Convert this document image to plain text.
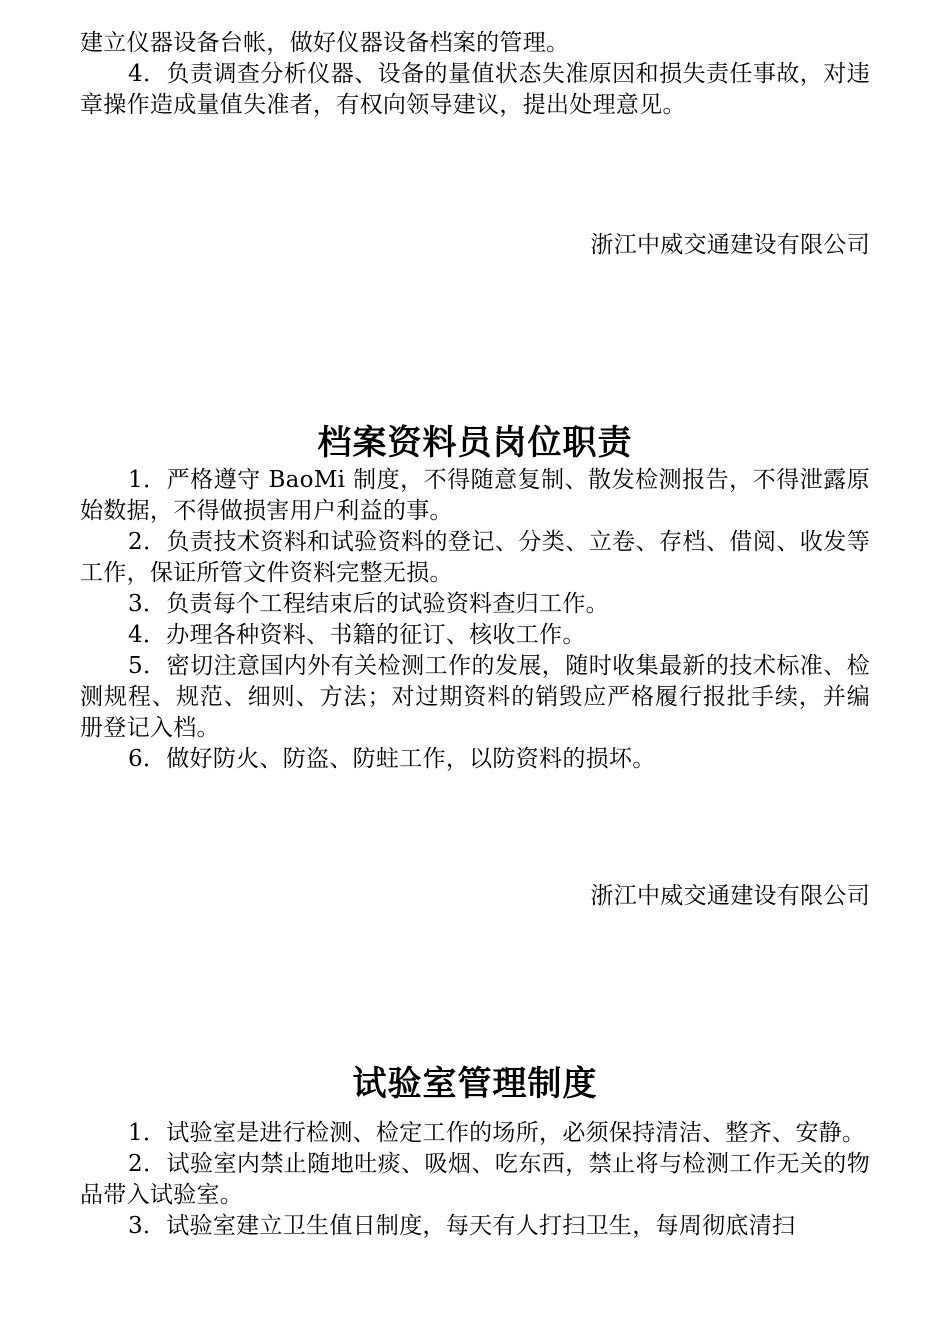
建立仪器设备台帐，做好仪器设备档案的管理。

4．负责调查分析仪器、设备的量值状态失准原因和损失责任事故，对违章操作造成量值失准者，有权向领导建议，提出处理意见。

浙江中威交通建设有限公司

档案资料员岗位职责

1．严格遵守 BaoMi 制度，不得随意复制、散发检测报告，不得泄露原始数据，不得做损害用户利益的事。

2．负责技术资料和试验资料的登记、分类、立卷、存档、借阅、收发等工作，保证所管文件资料完整无损。

3．负责每个工程结束后的试验资料查归工作。

4．办理各种资料、书籍的征订、核收工作。

5．密切注意国内外有关检测工作的发展，随时收集最新的技术标准、检测规程、规范、细则、方法；对过期资料的销毁应严格履行报批手续，并编册登记入档。

6．做好防火、防盗、防蛀工作，以防资料的损坏。

浙江中威交通建设有限公司

试验室管理制度

1．试验室是进行检测、检定工作的场所，必须保持清洁、整齐、安静。

2．试验室内禁止随地吐痰、吸烟、吃东西，禁止将与检测工作无关的物品带入试验室。

3．试验室建立卫生值日制度，每天有人打扫卫生，每周彻底清扫
